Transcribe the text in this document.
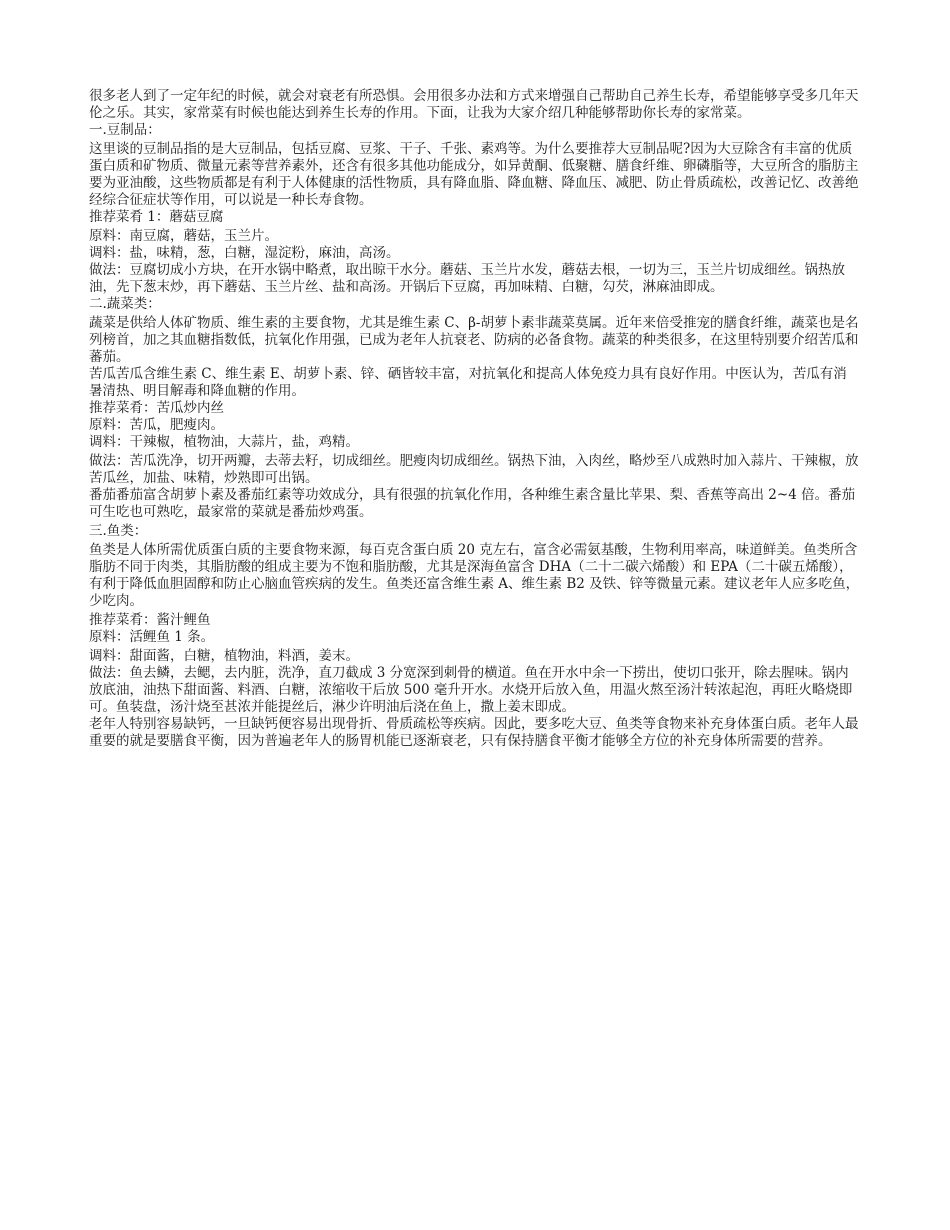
很多老人到了一定年纪的时候，就会对衰老有所恐惧。会用很多办法和方式来增强自己帮助自己养生长寿，希望能够享受多几年天伦之乐。其实，家常菜有时候也能达到养生长寿的作用。下面，让我为大家介绍几种能够帮助你长寿的家常菜。

一.豆制品：

这里谈的豆制品指的是大豆制品，包括豆腐、豆浆、干子、千张、素鸡等。为什么要推荐大豆制品呢?因为大豆除含有丰富的优质蛋白质和矿物质、微量元素等营养素外，还含有很多其他功能成分，如异黄酮、低聚糖、膳食纤维、卵磷脂等，大豆所含的脂肪主要为亚油酸，这些物质都是有利于人体健康的活性物质，具有降血脂、降血糖、降血压、减肥、防止骨质疏松，改善记忆、改善绝经综合征症状等作用，可以说是一种长寿食物。

推荐菜肴 1：蘑菇豆腐

原料：南豆腐，蘑菇，玉兰片。

调料：盐，味精，葱，白糖，湿淀粉，麻油，高汤。

做法：豆腐切成小方块，在开水锅中略煮，取出晾干水分。蘑菇、玉兰片水发，蘑菇去根，一切为三，玉兰片切成细丝。锅热放油，先下葱末炒，再下蘑菇、玉兰片丝、盐和高汤。开锅后下豆腐，再加味精、白糖，勾芡，淋麻油即成。

二.蔬菜类：

蔬菜是供给人体矿物质、维生素的主要食物，尤其是维生素 C、β-胡萝卜素非蔬菜莫属。近年来倍受推宠的膳食纤维，蔬菜也是名列榜首，加之其血糖指数低，抗氧化作用强，已成为老年人抗衰老、防病的必备食物。蔬菜的种类很多，在这里特别要介绍苦瓜和蕃茄。

苦瓜苦瓜含维生素 C、维生素 E、胡萝卜素、锌、硒皆较丰富，对抗氧化和提高人体免疫力具有良好作用。中医认为，苦瓜有消暑清热、明目解毒和降血糖的作用。

推荐菜肴：苦瓜炒内丝

原料：苦瓜，肥瘦肉。

调料：干辣椒，植物油，大蒜片，盐，鸡精。

做法：苦瓜洗净，切开两瓣，去蒂去籽，切成细丝。肥瘦肉切成细丝。锅热下油，入肉丝，略炒至八成熟时加入蒜片、干辣椒，放苦瓜丝，加盐、味精，炒熟即可出锅。

番茄番茄富含胡萝卜素及番茄红素等功效成分，具有很强的抗氧化作用，各种维生素含量比苹果、梨、香蕉等高出 2~4 倍。番茄可生吃也可熟吃，最家常的菜就是番茄炒鸡蛋。

三.鱼类：

鱼类是人体所需优质蛋白质的主要食物来源，每百克含蛋白质 20 克左右，富含必需氨基酸，生物利用率高，味道鲜美。鱼类所含脂肪不同于肉类，其脂肪酸的组成主要为不饱和脂肪酸，尤其是深海鱼富含 DHA（二十二碳六烯酸）和 EPA（二十碳五烯酸），有利于降低血胆固醇和防止心脑血管疾病的发生。鱼类还富含维生素 A、维生素 B2 及铁、锌等微量元素。建议老年人应多吃鱼，少吃肉。

推荐菜肴：酱汁鲤鱼

原料：活鲤鱼 1 条。

调料：甜面酱，白糖，植物油，料酒，姜末。

做法：鱼去鳞，去鳃，去内脏，洗净，直刀截成 3 分宽深到刺骨的横道。鱼在开水中余一下捞出，使切口张开，除去腥味。锅内放底油，油热下甜面酱、料酒、白糖，浓缩收干后放 500 毫升开水。水烧开后放入鱼，用温火熬至汤汁转浓起泡，再旺火略烧即可。鱼装盘，汤汁烧至甚浓并能提丝后，淋少许明油后浇在鱼上，撒上姜末即成。

老年人特别容易缺钙，一旦缺钙便容易出现骨折、骨质疏松等疾病。因此，要多吃大豆、鱼类等食物来补充身体蛋白质。老年人最重要的就是要膳食平衡，因为普遍老年人的肠胃机能已逐渐衰老，只有保持膳食平衡才能够全方位的补充身体所需要的营养。
